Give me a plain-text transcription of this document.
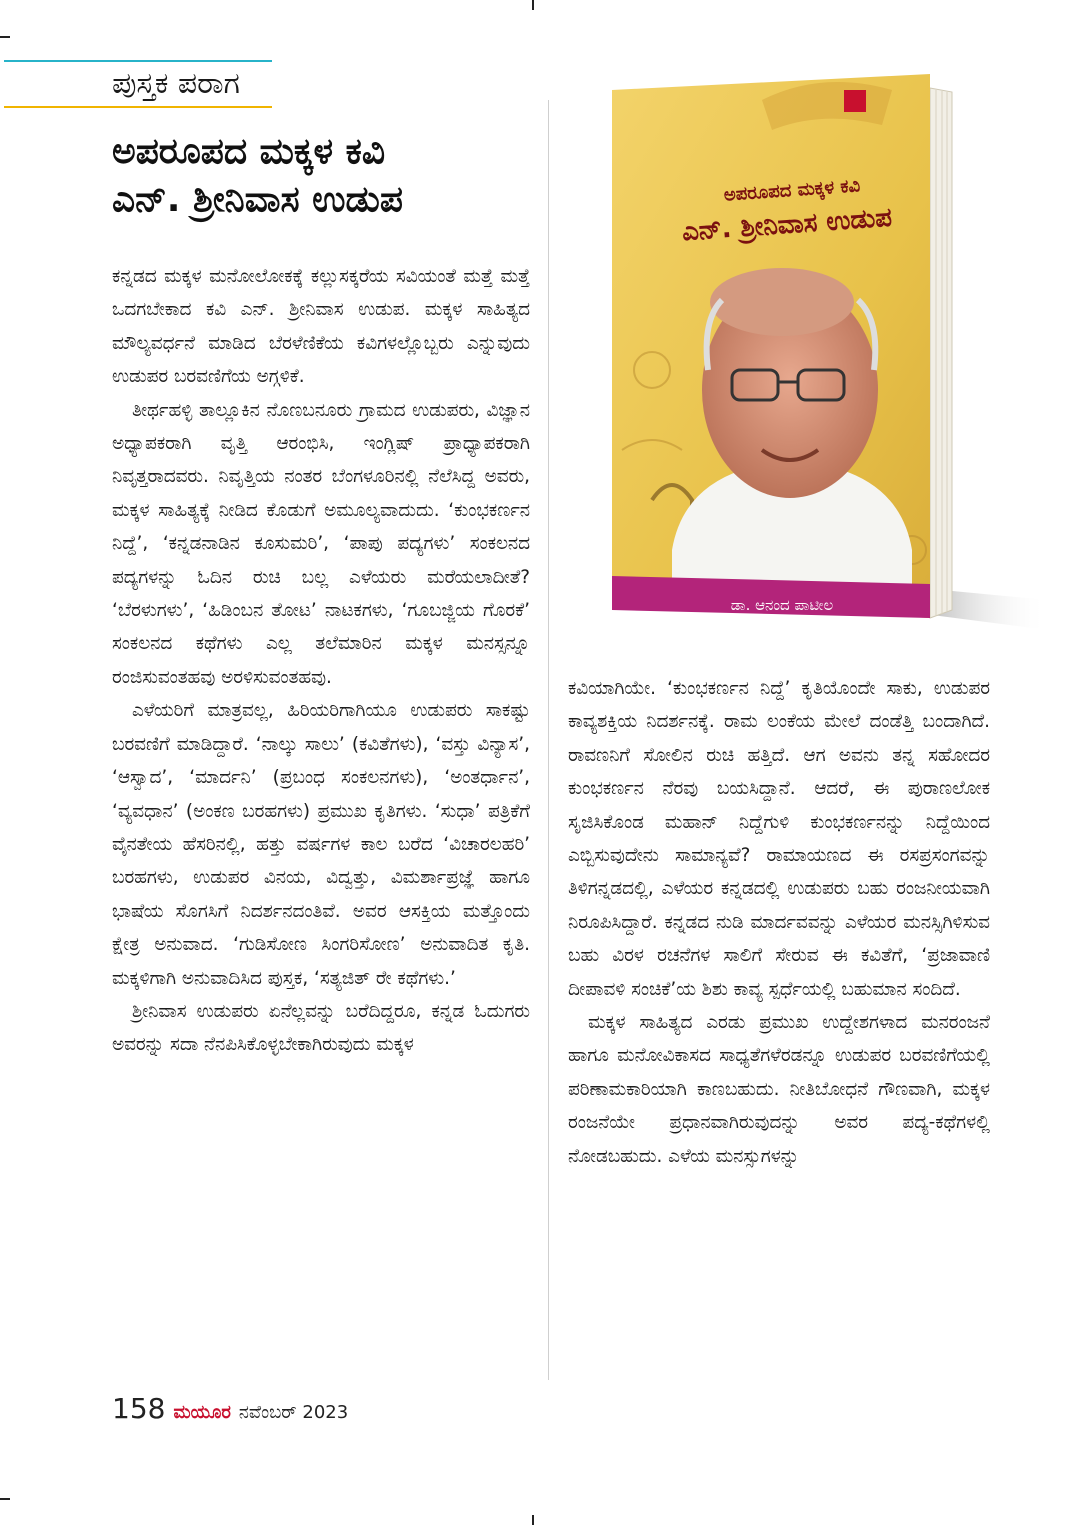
ಪುಸ್ತಕ ಪರಾಗ
ಅಪರೂಪದ ಮಕ್ಕಳ ಕವಿ
ಎನ್‌. ಶ್ರೀನಿವಾಸ ಉಡುಪ

ಕನ್ನಡದ ಮಕ್ಕಳ ಮನೋಲೋಕಕ್ಕೆ ಕಲ್ಲುಸಕ್ಕರೆಯ ಸವಿಯಂತೆ ಮತ್ತೆ ಮತ್ತೆ ಒದಗಬೇಕಾದ ಕವಿ ಎನ್‌. ಶ್ರೀನಿವಾಸ ಉಡುಪ. ಮಕ್ಕಳ ಸಾಹಿತ್ಯದ ಮೌಲ್ಯವರ್ಧನೆ ಮಾಡಿದ ಬೆರಳೆಣಿಕೆಯ ಕವಿಗಳಲ್ಲೊಬ್ಬರು ಎನ್ನುವುದು ಉಡುಪರ ಬರವಣಿಗೆಯ ಅಗ್ಗಳಿಕೆ.

ತೀರ್ಥಹಳ್ಳಿ ತಾಲ್ಲೂಕಿನ ನೊಣಬನೂರು ಗ್ರಾಮದ ಉಡುಪರು, ವಿಜ್ಞಾನ ಅಧ್ಯಾಪಕರಾಗಿ ವೃತ್ತಿ ಆರಂಭಿಸಿ, ಇಂಗ್ಲಿಷ್‌ ಪ್ರಾಧ್ಯಾಪಕರಾಗಿ ನಿವೃತ್ತರಾದವರು. ನಿವೃತ್ತಿಯ ನಂತರ ಬೆಂಗಳೂರಿನಲ್ಲಿ ನೆಲೆಸಿದ್ದ ಅವರು, ಮಕ್ಕಳ ಸಾಹಿತ್ಯಕ್ಕೆ ನೀಡಿದ ಕೊಡುಗೆ ಅಮೂಲ್ಯವಾದುದು. ‘ಕುಂಭಕರ್ಣನ ನಿದ್ದೆ’, ‘ಕನ್ನಡನಾಡಿನ ಕೂಸುಮರಿ’, ‘ಪಾಪು ಪದ್ಯಗಳು’ ಸಂಕಲನದ ಪದ್ಯಗಳನ್ನು ಓದಿನ ರುಚಿ ಬಲ್ಲ ಎಳೆಯರು ಮರೆಯಲಾದೀತೆ? ‘ಬೆರಳುಗಳು’, ‘ಹಿಡಿಂಬನ ತೋಟ’ ನಾಟಕಗಳು, ‘ಗೂಬಜ್ಜಿಯ ಗೊರಕೆ’ ಸಂಕಲನದ ಕಥೆಗಳು ಎಲ್ಲ ತಲೆಮಾರಿನ ಮಕ್ಕಳ ಮನಸ್ಸನ್ನೂ ರಂಜಿಸುವಂತಹವು ಅರಳಿಸುವಂತಹವು.

ಎಳೆಯರಿಗೆ ಮಾತ್ರವಲ್ಲ, ಹಿರಿಯರಿಗಾಗಿಯೂ ಉಡುಪರು ಸಾಕಷ್ಟು ಬರವಣಿಗೆ ಮಾಡಿದ್ದಾರೆ. ‘ನಾಲ್ಕು ಸಾಲು’ (ಕವಿತೆಗಳು), ‘ವಸ್ತು ವಿನ್ಯಾಸ’, ‘ಆಸ್ವಾದ’, ‘ಮಾರ್ದನಿ’ (ಪ್ರಬಂಧ ಸಂಕಲನಗಳು), ‘ಅಂತರ್ಧಾನ’, ‘ವ್ಯವಧಾನ’ (ಅಂಕಣ ಬರಹಗಳು) ಪ್ರಮುಖ ಕೃತಿಗಳು. ‘ಸುಧಾ’ ಪತ್ರಿಕೆಗೆ ವೈನತೇಯ ಹೆಸರಿನಲ್ಲಿ, ಹತ್ತು ವರ್ಷಗಳ ಕಾಲ ಬರೆದ ‘ವಿಚಾರಲಹರಿ’ ಬರಹಗಳು, ಉಡುಪರ ವಿನಯ, ವಿದ್ವತ್ತು, ವಿಮರ್ಶಾಪ್ರಜ್ಞೆ ಹಾಗೂ ಭಾಷೆಯ ಸೊಗಸಿಗೆ ನಿದರ್ಶನದಂತಿವೆ. ಅವರ ಆಸಕ್ತಿಯ ಮತ್ತೊಂದು ಕ್ಷೇತ್ರ ಅನುವಾದ. ‘ಗುಡಿಸೋಣ ಸಿಂಗರಿಸೋಣ’ ಅನುವಾದಿತ ಕೃತಿ. ಮಕ್ಕಳಿಗಾಗಿ ಅನುವಾದಿಸಿದ ಪುಸ್ತಕ, ‘ಸತ್ಯಜಿತ್‌ ರೇ ಕಥೆಗಳು.’

ಶ್ರೀನಿವಾಸ ಉಡುಪರು ಏನೆಲ್ಲವನ್ನು ಬರೆದಿದ್ದರೂ, ಕನ್ನಡ ಓದುಗರು ಅವರನ್ನು ಸದಾ ನೆನಪಿಸಿಕೊಳ್ಳಬೇಕಾಗಿರುವುದು ಮಕ್ಕಳ

ಅಪರೂಪದ ಮಕ್ಕಳ ಕವಿ
ಎನ್‌. ಶ್ರೀನಿವಾಸ ಉಡುಪ
ಡಾ. ಆನಂದ ಪಾಟೀಲ

ಕವಿಯಾಗಿಯೇ. ‘ಕುಂಭಕರ್ಣನ ನಿದ್ದೆ’ ಕೃತಿಯೊಂದೇ ಸಾಕು, ಉಡುಪರ ಕಾವ್ಯಶಕ್ತಿಯ ನಿದರ್ಶನಕ್ಕೆ. ರಾಮ ಲಂಕೆಯ ಮೇಲೆ ದಂಡೆತ್ತಿ ಬಂದಾಗಿದೆ. ರಾವಣನಿಗೆ ಸೋಲಿನ ರುಚಿ ಹತ್ತಿದೆ. ಆಗ ಅವನು ತನ್ನ ಸಹೋದರ ಕುಂಭಕರ್ಣನ ನೆರವು ಬಯಸಿದ್ದಾನೆ. ಆದರೆ, ಈ ಪುರಾಣಲೋಕ ಸೃಜಿಸಿಕೊಂಡ ಮಹಾನ್‌ ನಿದ್ದೆಗುಳಿ ಕುಂಭಕರ್ಣನನ್ನು ನಿದ್ದೆಯಿಂದ ಎಬ್ಬಿಸುವುದೇನು ಸಾಮಾನ್ಯವೆ? ರಾಮಾಯಣದ ಈ ರಸಪ್ರಸಂಗವನ್ನು ತಿಳಿಗನ್ನಡದಲ್ಲಿ, ಎಳೆಯರ ಕನ್ನಡದಲ್ಲಿ ಉಡುಪರು ಬಹು ರಂಜನೀಯವಾಗಿ ನಿರೂಪಿಸಿದ್ದಾರೆ. ಕನ್ನಡದ ನುಡಿ ಮಾರ್ದವವನ್ನು ಎಳೆಯರ ಮನಸ್ಸಿಗಿಳಿಸುವ ಬಹು ವಿರಳ ರಚನೆಗಳ ಸಾಲಿಗೆ ಸೇರುವ ಈ ಕವಿತೆಗೆ, ‘ಪ್ರಜಾವಾಣಿ ದೀಪಾವಳಿ ಸಂಚಿಕೆ’ಯ ಶಿಶು ಕಾವ್ಯ ಸ್ಪರ್ಧೆಯಲ್ಲಿ ಬಹುಮಾನ ಸಂದಿದೆ.

ಮಕ್ಕಳ ಸಾಹಿತ್ಯದ ಎರಡು ಪ್ರಮುಖ ಉದ್ದೇಶಗಳಾದ ಮನರಂಜನೆ ಹಾಗೂ ಮನೋವಿಕಾಸದ ಸಾಧ್ಯತೆಗಳೆರಡನ್ನೂ ಉಡುಪರ ಬರವಣಿಗೆಯಲ್ಲಿ ಪರಿಣಾಮಕಾರಿಯಾಗಿ ಕಾಣಬಹುದು. ನೀತಿಬೋಧನೆ ಗೌಣವಾಗಿ, ಮಕ್ಕಳ ರಂಜನೆಯೇ ಪ್ರಧಾನವಾಗಿರುವುದನ್ನು ಅವರ ಪದ್ಯ-ಕಥೆಗಳಲ್ಲಿ ನೋಡಬಹುದು. ಎಳೆಯ ಮನಸ್ಸುಗಳನ್ನು

158 ಮಯೂರ ನವೆಂಬರ್ 2023
